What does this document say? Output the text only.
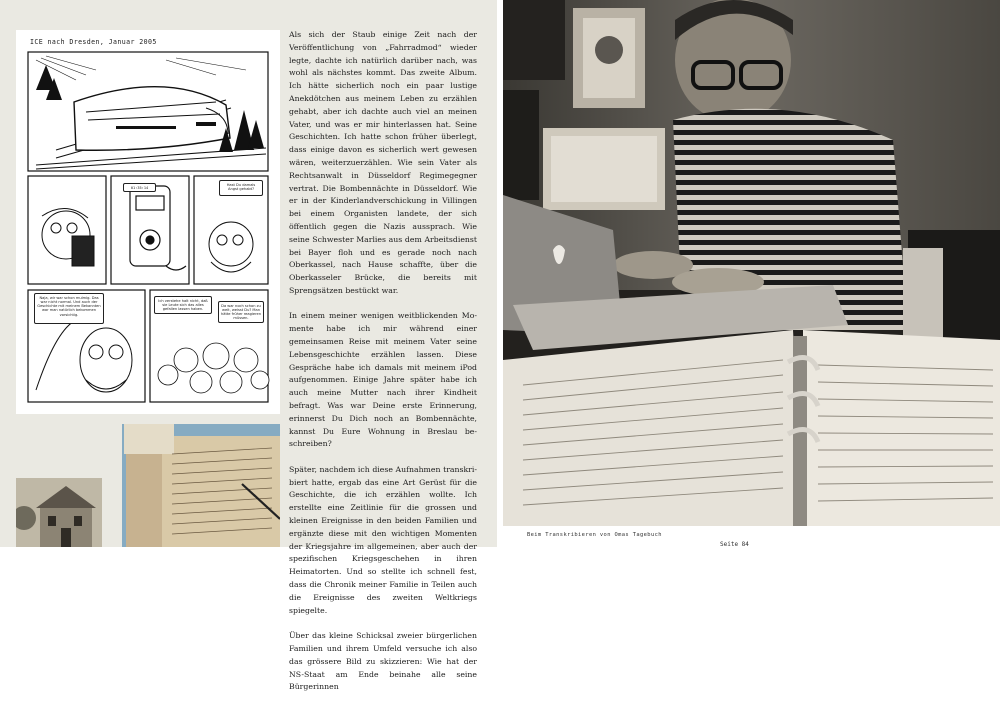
ICE nach Dresden, Januar 2005
Hast Du damals Angst gehabt?
01:35:14
Naja, wir war schon mulmig. Das war nicht normal. Und auch der Geschichte mit meinem Bekannten war man natürlich bekommen vorsichtig.
Ich verstehe halt nicht, daß sie Leute sich das alles gefallen lassen haben.
Da war noch schon zu weit, weisst Du? Man hätte früher reagieren müssen.

Als sich der Staub einige Zeit nach der Veröffentlichung von „Fahrradmod“ wieder legte, dachte ich natürlich darüber nach, was wohl als nächstes kommt. Das zweite Album. Ich hätte sicherlich noch ein paar lustige Anekdötchen aus meinem Leben zu erzählen gehabt, aber ich dachte auch viel an meinen Vater, und was er mir hinterlassen hat. Seine Geschichten. Ich hatte schon früher überlegt, dass einige davon es sicherlich wert gewesen wären, weiterzuerzählen. Wie sein Vater als Rechtsanwalt in Düsseldorf Regimegegner vertrat. Die Bombennächte in Düsseldorf. Wie er in der Kinderlandverschickung in Villingen bei einem Organisten landete, der sich öffentlich gegen die Nazis aussprach. Wie seine Schwester Marlies aus dem Arbeitsdienst bei Bayer floh und es gerade noch nach Oberkassel, nach Hause schaffte, über die Oberkasseler Brücke, die bereits mit Sprengsätzen bestückt war.

In einem meiner wenigen weitblickenden Momente habe ich mir während einer gemeinsamen Reise mit meinem Vater seine Lebensgeschichte erzählen lassen. Diese Gespräche habe ich damals mit meinem iPod aufgenommen. Einige Jahre später habe ich auch meine Mutter nach ihrer Kindheit befragt. Was war Deine erste Erinnerung, erinnerst Du Dich noch an Bombennächte, kannst Du Eure Wohnung in Breslau beschreiben?

Später, nachdem ich diese Aufnahmen transkribiert hatte, ergab das eine Art Gerüst für die Geschichte, die ich erzählen wollte. Ich erstellte eine Zeitlinie für die grossen und kleinen Ereignisse in den beiden Familien und ergänzte diese mit den wichtigen Momenten der Kriegsjahre im allgemeinen, aber auch der spezifischen Kriegsgeschehen in ihren Heimatorten. Und so stellte ich schnell fest, dass die Chronik meiner Familie in Teilen auch die Ereignisse des zweiten Weltkriegs spiegelte.

Über das kleine Schicksal zweier bürgerlichen Familien und ihrem Umfeld versuche ich also das grössere Bild zu skizzieren: Wie hat der NS-Staat am Ende beinahe alle seine Bürgerinnen

Beim Transkribieren von Omas Tagebuch
Seite 84
